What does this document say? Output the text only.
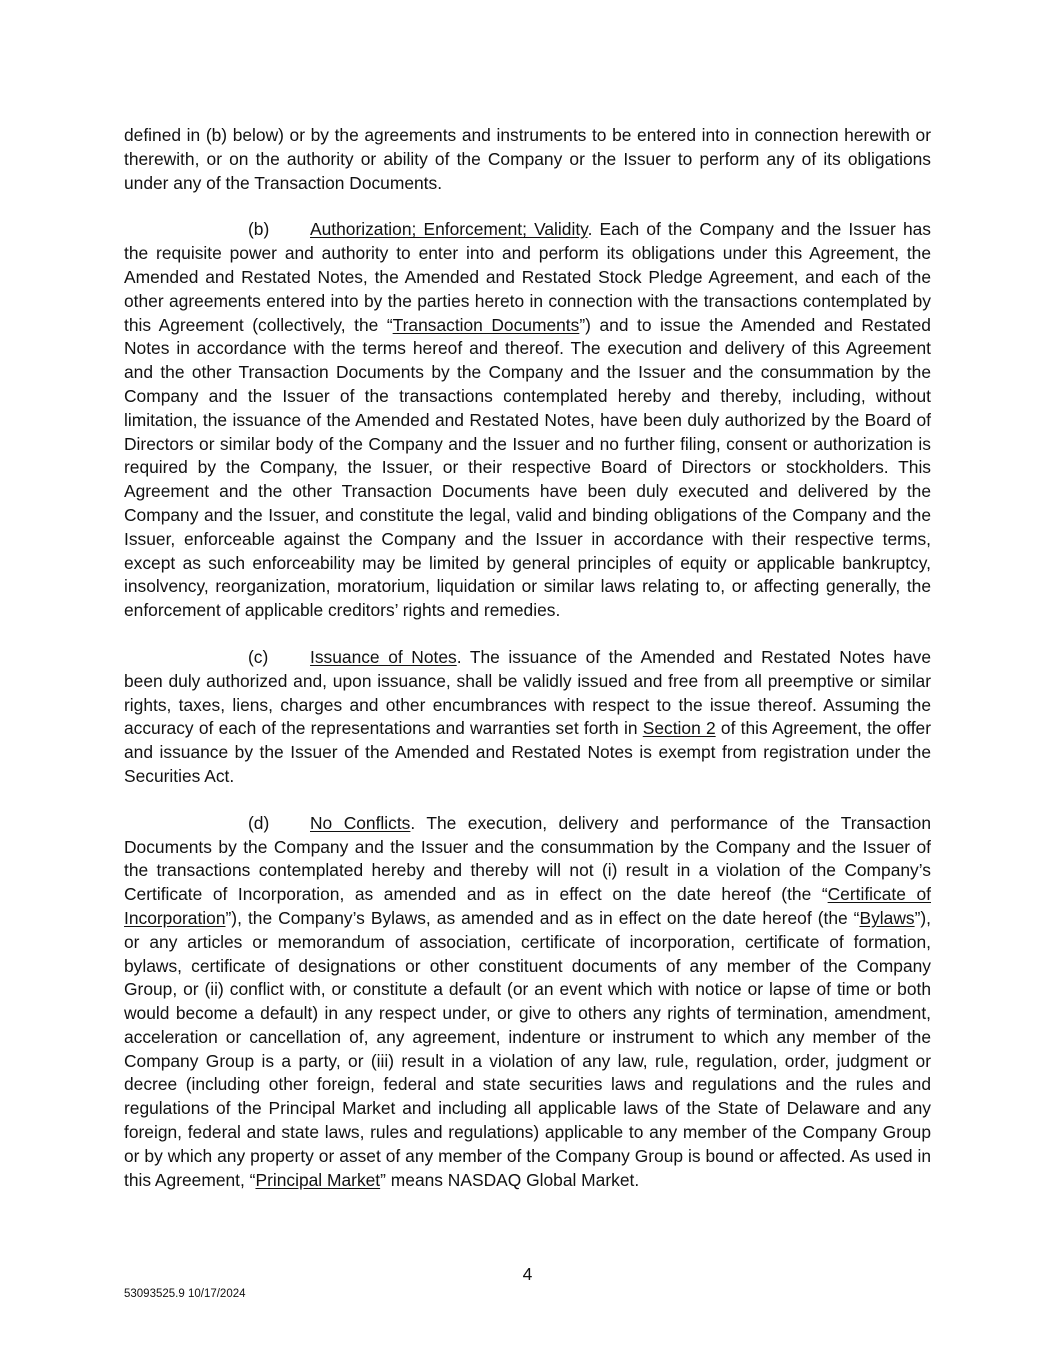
defined in (b) below) or by the agreements and instruments to be entered into in connection herewith or therewith, or on the authority or ability of the Company or the Issuer to perform any of its obligations under any of the Transaction Documents.

(b) Authorization; Enforcement; Validity. Each of the Company and the Issuer has the requisite power and authority to enter into and perform its obligations under this Agreement, the Amended and Restated Notes, the Amended and Restated Stock Pledge Agreement, and each of the other agreements entered into by the parties hereto in connection with the transactions contemplated by this Agreement (collectively, the “Transaction Documents”) and to issue the Amended and Restated Notes in accordance with the terms hereof and thereof. The execution and delivery of this Agreement and the other Transaction Documents by the Company and the Issuer and the consummation by the Company and the Issuer of the transactions contemplated hereby and thereby, including, without limitation, the issuance of the Amended and Restated Notes, have been duly authorized by the Board of Directors or similar body of the Company and the Issuer and no further filing, consent or authorization is required by the Company, the Issuer, or their respective Board of Directors or stockholders. This Agreement and the other Transaction Documents have been duly executed and delivered by the Company and the Issuer, and constitute the legal, valid and binding obligations of the Company and the Issuer, enforceable against the Company and the Issuer in accordance with their respective terms, except as such enforceability may be limited by general principles of equity or applicable bankruptcy, insolvency, reorganization, moratorium, liquidation or similar laws relating to, or affecting generally, the enforcement of applicable creditors’ rights and remedies.

(c) Issuance of Notes. The issuance of the Amended and Restated Notes have been duly authorized and, upon issuance, shall be validly issued and free from all preemptive or similar rights, taxes, liens, charges and other encumbrances with respect to the issue thereof. Assuming the accuracy of each of the representations and warranties set forth in Section 2 of this Agreement, the offer and issuance by the Issuer of the Amended and Restated Notes is exempt from registration under the Securities Act.

(d) No Conflicts. The execution, delivery and performance of the Transaction Documents by the Company and the Issuer and the consummation by the Company and the Issuer of the transactions contemplated hereby and thereby will not (i) result in a violation of the Company’s Certificate of Incorporation, as amended and as in effect on the date hereof (the “Certificate of Incorporation”), the Company’s Bylaws, as amended and as in effect on the date hereof (the “Bylaws”), or any articles or memorandum of association, certificate of incorporation, certificate of formation, bylaws, certificate of designations or other constituent documents of any member of the Company Group, or (ii) conflict with, or constitute a default (or an event which with notice or lapse of time or both would become a default) in any respect under, or give to others any rights of termination, amendment, acceleration or cancellation of, any agreement, indenture or instrument to which any member of the Company Group is a party, or (iii) result in a violation of any law, rule, regulation, order, judgment or decree (including other foreign, federal and state securities laws and regulations and the rules and regulations of the Principal Market and including all applicable laws of the State of Delaware and any foreign, federal and state laws, rules and regulations) applicable to any member of the Company Group or by which any property or asset of any member of the Company Group is bound or affected. As used in this Agreement, “Principal Market” means NASDAQ Global Market.

4
53093525.9 10/17/2024
